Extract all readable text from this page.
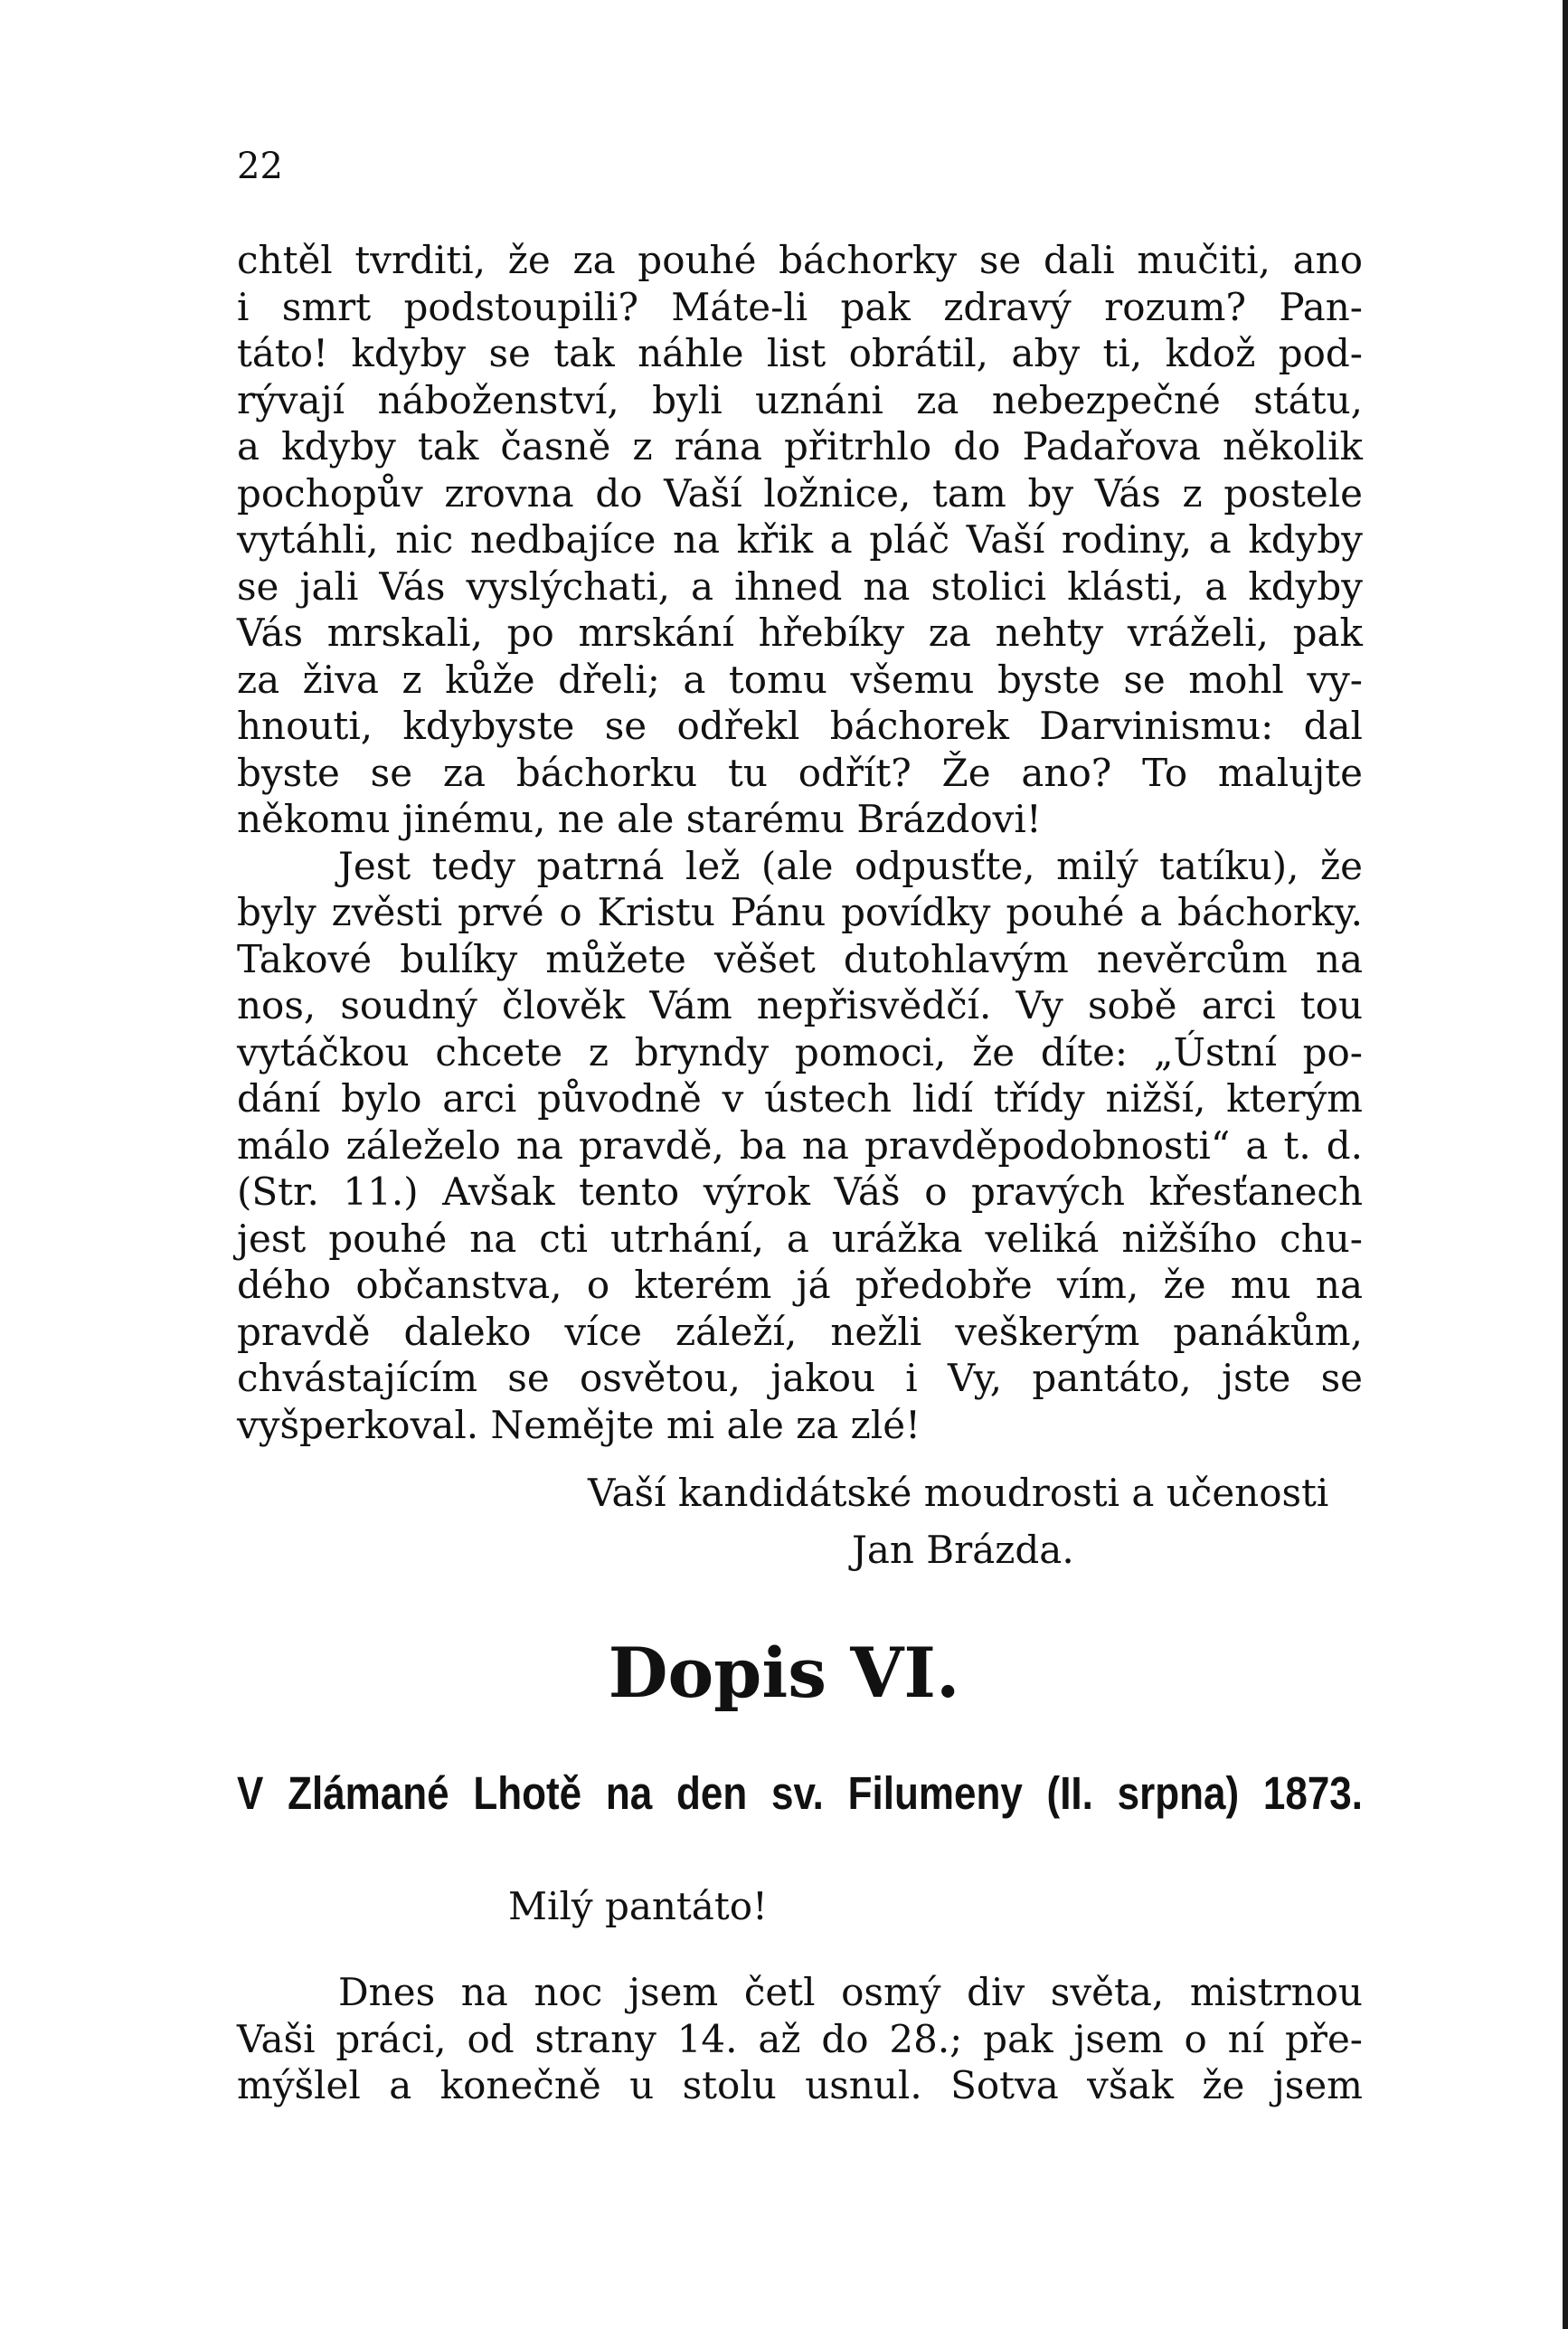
22
chtěl tvrditi, že za pouhé báchorky se dali mučiti, ano
i smrt podstoupili? Máte-li pak zdravý rozum? Pan-
táto! kdyby se tak náhle list obrátil, aby ti, kdož pod-
rývají náboženství, byli uznáni za nebezpečné státu,
a kdyby tak časně z rána přitrhlo do Padařova několik
pochopův zrovna do Vaší ložnice, tam by Vás z postele
vytáhli, nic nedbajíce na křik a pláč Vaší rodiny, a kdyby
se jali Vás vyslýchati, a ihned na stolici klásti, a kdyby
Vás mrskali, po mrskání hřebíky za nehty vráželi, pak
za živa z kůže dřeli; a tomu všemu byste se mohl vy-
hnouti, kdybyste se odřekl báchorek Darvinismu: dal
byste se za báchorku tu odřít? Že ano? To malujte
někomu jinému, ne ale starému Brázdovi!
Jest tedy patrná lež (ale odpusťte, milý tatíku), že
byly zvěsti prvé o Kristu Pánu povídky pouhé a báchorky.
Takové bulíky můžete věšet dutohlavým nevěrcům na
nos, soudný člověk Vám nepřisvědčí. Vy sobě arci tou
vytáčkou chcete z bryndy pomoci, že díte: „Ústní po-
dání bylo arci původně v ústech lidí třídy nižší, kterým
málo záleželo na pravdě, ba na pravděpodobnosti“ a t. d.
(Str. 11.) Avšak tento výrok Váš o pravých křesťanech
jest pouhé na cti utrhání, a urážka veliká nižšího chu-
dého občanstva, o kterém já předobře vím, že mu na
pravdě daleko více záleží, nežli veškerým panákům,
chvástajícím se osvětou, jakou i Vy, pantáto, jste se
vyšperkoval. Nemějte mi ale za zlé!
Vaší kandidátské moudrosti a učenosti
Jan Brázda.
Dopis VI.
V Zlámané Lhotě na den sv. Filumeny (II. srpna) 1873.
Milý pantáto!
Dnes na noc jsem četl osmý div světa, mistrnou
Vaši práci, od strany 14. až do 28.; pak jsem o ní pře-
mýšlel a konečně u stolu usnul. Sotva však že jsem
